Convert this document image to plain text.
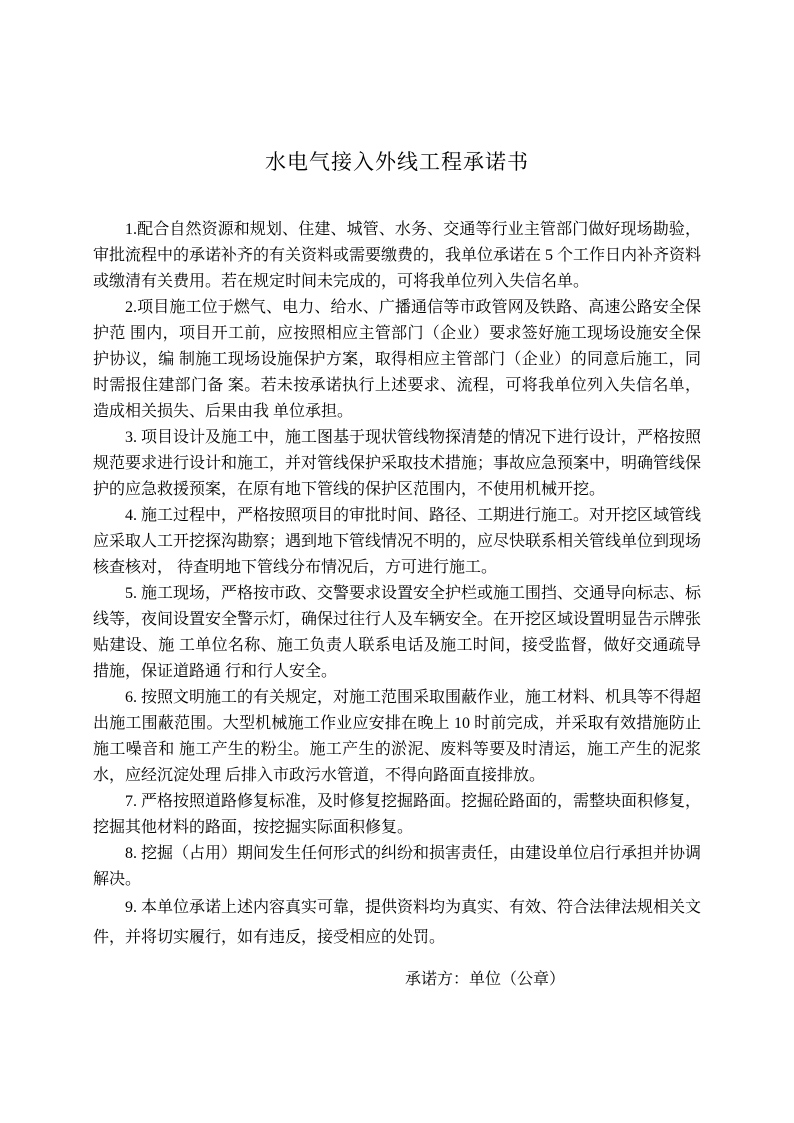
水电气接入外线工程承诺书

1.配合自然资源和规划、住建、城管、水务、交通等行业主管部门做好现场勘验，审批流程中的承诺补齐的有关资料或需要缴费的，我单位承诺在 5 个工作日内补齐资料或缴清有关费用。若在规定时间未完成的，可将我单位列入失信名单。

2.项目施工位于燃气、电力、给水、广播通信等市政管网及铁路、高速公路安全保护范 围内，项目开工前，应按照相应主管部门（企业）要求签好施工现场设施安全保护协议，编 制施工现场设施保护方案，取得相应主管部门（企业）的同意后施工，同时需报住建部门备 案。若未按承诺执行上述要求、流程，可将我单位列入失信名单，造成相关损失、后果由我 单位承担。

3. 项目设计及施工中，施工图基于现状管线物探清楚的情况下进行设计，严格按照规范要求进行设计和施工，并对管线保护采取技术措施；事故应急预案中，明确管线保护的应急救援预案，在原有地下管线的保护区范围内，不使用机械开挖。

4. 施工过程中，严格按照项目的审批时间、路径、工期进行施工。对开挖区域管线应采取人工开挖探沟勘察；遇到地下管线情况不明的，应尽快联系相关管线单位到现场核查核对， 待查明地下管线分布情况后，方可进行施工。

5. 施工现场，严格按市政、交警要求设置安全护栏或施工围挡、交通导向标志、标线等，夜间设置安全警示灯，确保过往行人及车辆安全。在开挖区域设置明显告示牌张贴建设、施 工单位名称、施工负责人联系电话及施工时间，接受监督，做好交通疏导措施，保证道路通 行和行人安全。

6. 按照文明施工的有关规定，对施工范围采取围蔽作业，施工材料、机具等不得超出施工围蔽范围。大型机械施工作业应安排在晚上 10 时前完成，并采取有效措施防止施工噪音和 施工产生的粉尘。施工产生的淤泥、废料等要及时清运，施工产生的泥浆水，应经沉淀处理 后排入市政污水管道，不得向路面直接排放。

7. 严格按照道路修复标准，及时修复挖掘路面。挖掘砼路面的，需整块面积修复，挖掘其他材料的路面，按挖掘实际面积修复。

8. 挖掘（占用）期间发生任何形式的纠纷和损害责任，由建设单位启行承担并协调解决。

9. 本单位承诺上述内容真实可靠，提供资料均为真实、有效、符合法律法规相关文件，并将切实履行，如有违反，接受相应的处罚。

承诺方：单位（公章）
